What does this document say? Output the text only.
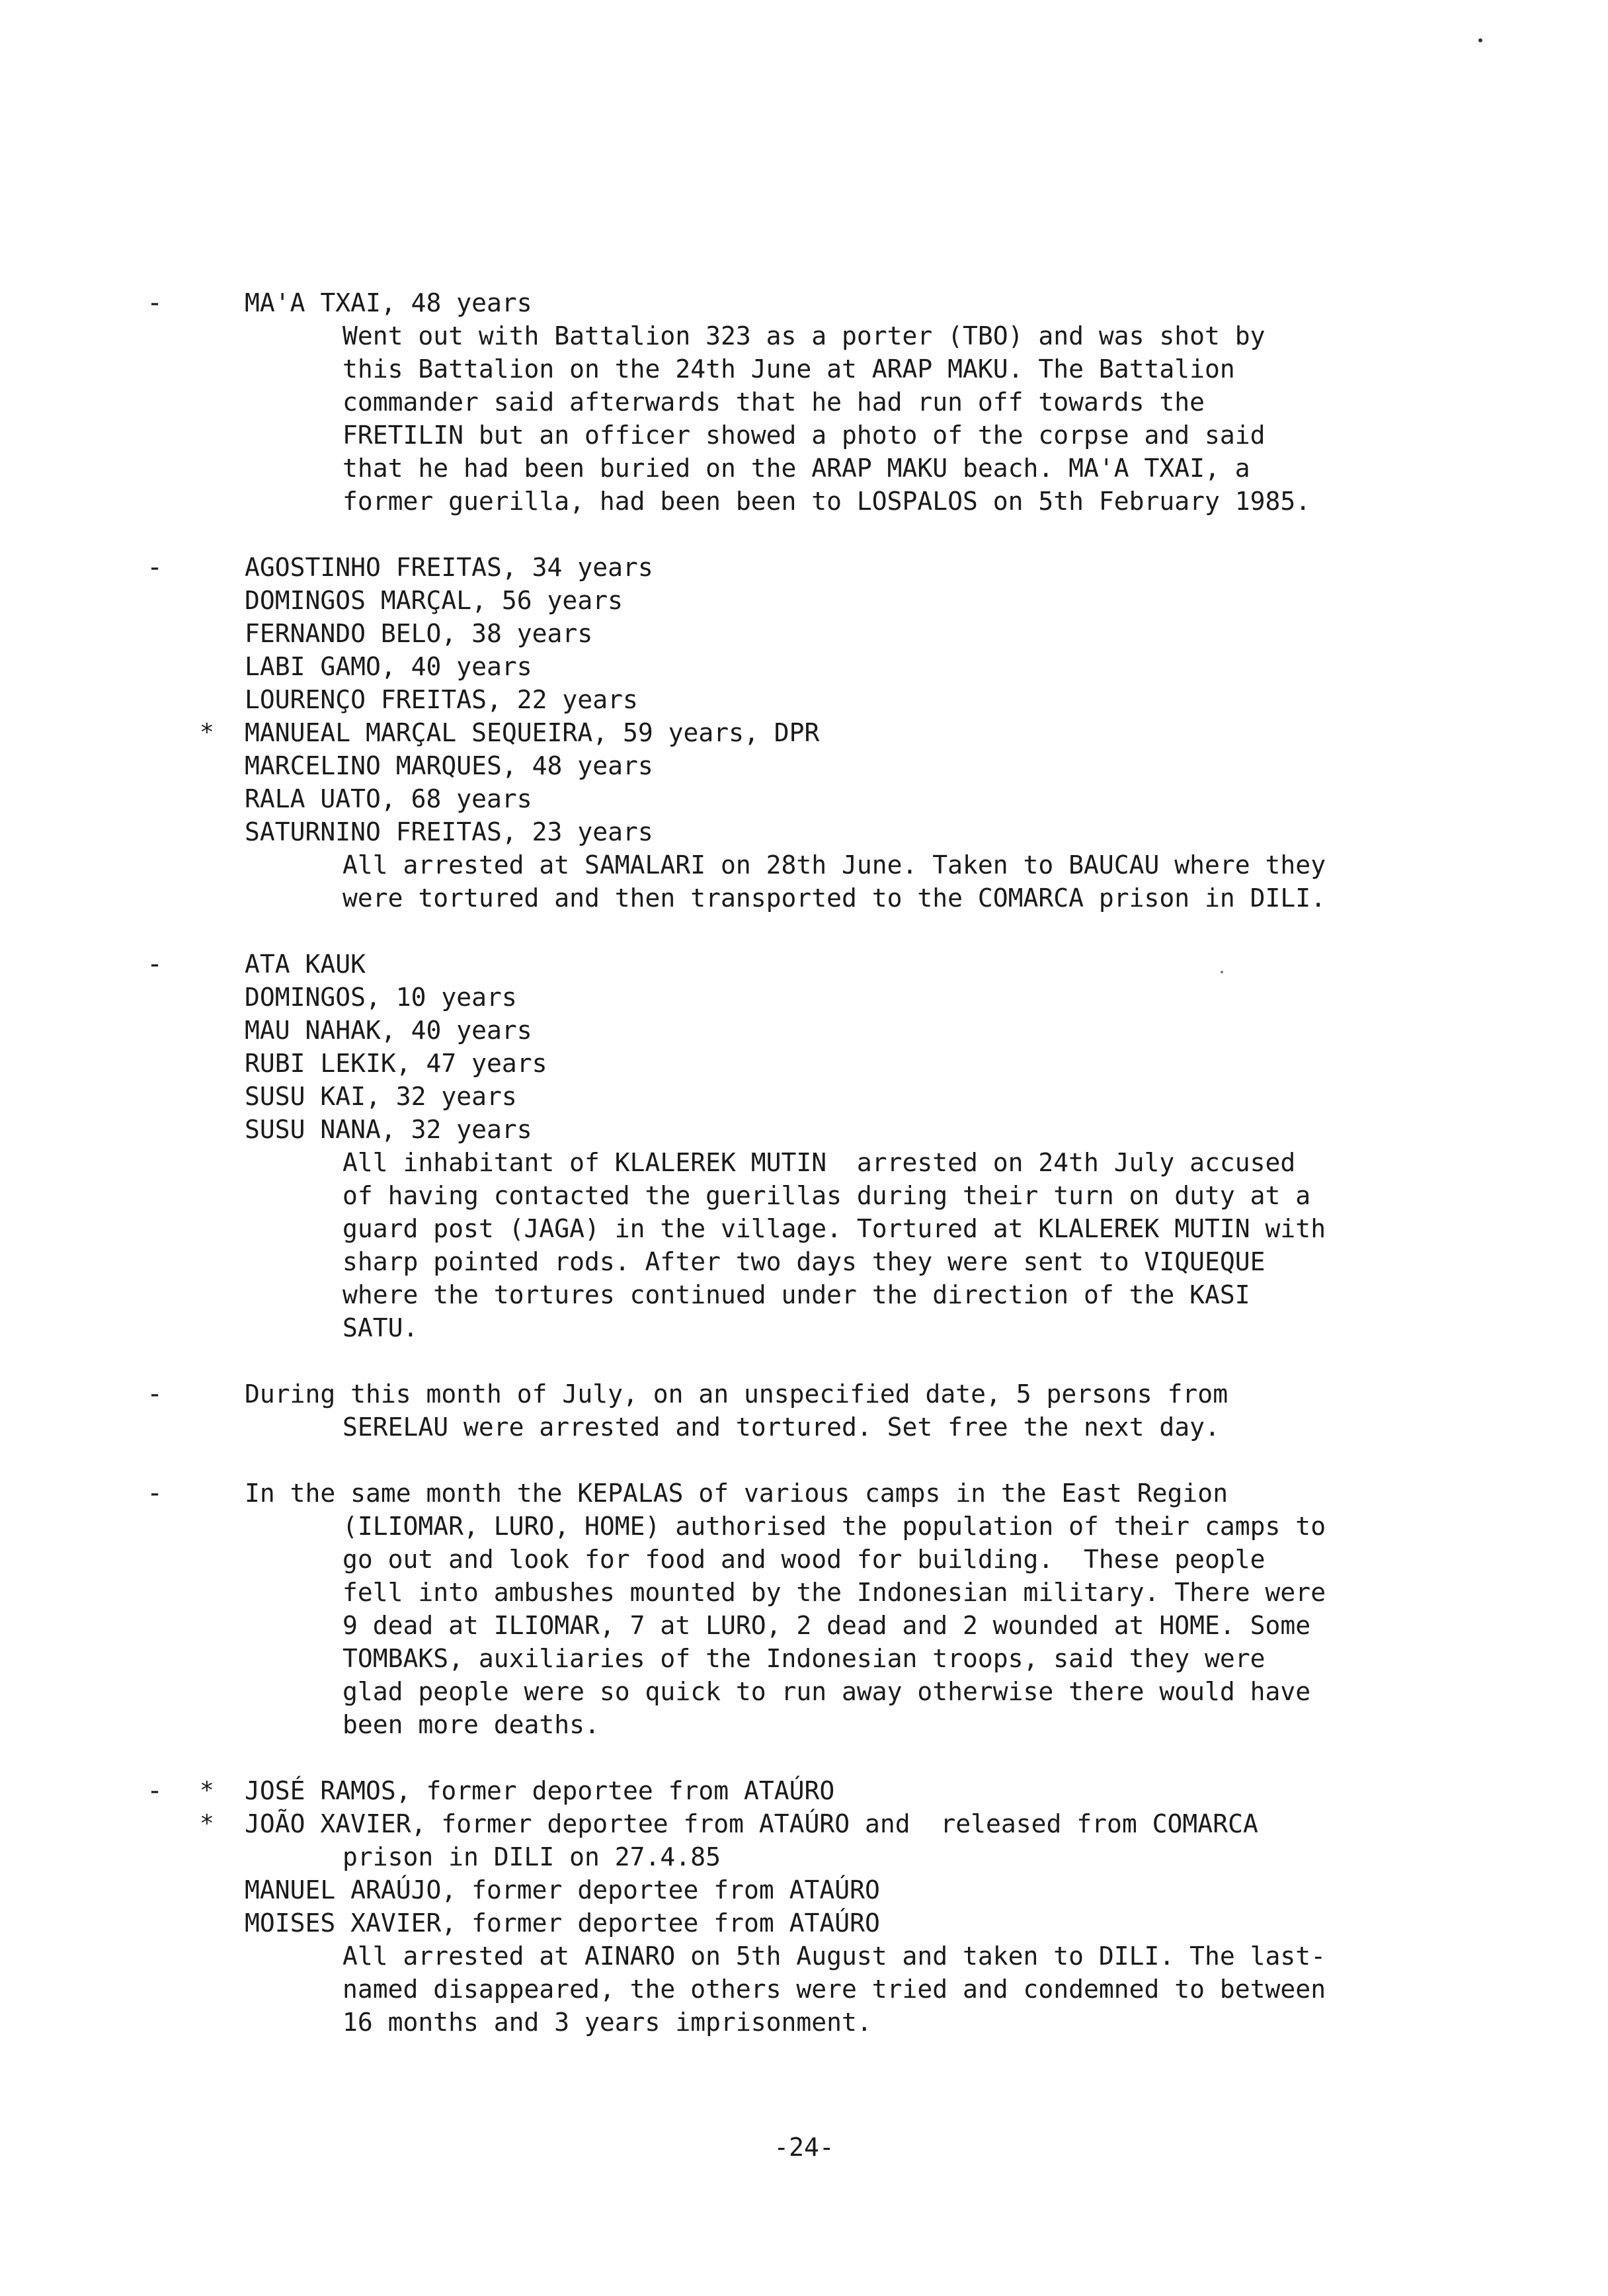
-	MA'A TXAI, 48 years
Went out with Battalion 323 as a porter (TBO) and was shot by
this Battalion on the 24th June at ARAP MAKU. The Battalion
commander said afterwards that he had run off towards the
FRETILIN but an officer showed a photo of the corpse and said
that he had been buried on the ARAP MAKU beach. MA'A TXAI, a
former guerilla, had been been to LOSPALOS on 5th February 1985.
-	AGOSTINHO FREITAS, 34 years
DOMINGOS MARÇAL, 56 years
FERNANDO BELO, 38 years
LABI GAMO, 40 years
LOURENÇO FREITAS, 22 years
* MANUEAL MARÇAL SEQUEIRA, 59 years, DPR
MARCELINO MARQUES, 48 years
RALA UATO, 68 years
SATURNINO FREITAS, 23 years
All arrested at SAMALARI on 28th June. Taken to BAUCAU where they
were tortured and then transported to the COMARCA prison in DILI.
-	ATA KAUK
DOMINGOS, 10 years
MAU NAHAK, 40 years
RUBI LEKIK, 47 years
SUSU KAI, 32 years
SUSU NANA, 32 years
All inhabitant of KLALEREK MUTIN  arrested on 24th July accused
of having contacted the guerillas during their turn on duty at a
guard post (JAGA) in the village. Tortured at KLALEREK MUTIN with
sharp pointed rods. After two days they were sent to VIQUEQUE
where the tortures continued under the direction of the KASI
SATU.
-	During this month of July, on an unspecified date, 5 persons from
SERELAU were arrested and tortured. Set free the next day.
-	In the same month the KEPALAS of various camps in the East Region
(ILIOMAR, LURO, HOME) authorised the population of their camps to
go out and look for food and wood for building.  These people
fell into ambushes mounted by the Indonesian military. There were
9 dead at ILIOMAR, 7 at LURO, 2 dead and 2 wounded at HOME. Some
TOMBAKS, auxiliaries of the Indonesian troops, said they were
glad people were so quick to run away otherwise there would have
been more deaths.
- * JOSÉ RAMOS, former deportee from ATAÚRO
* JOÃO XAVIER, former deportee from ATAÚRO and  released from COMARCA
prison in DILI on 27.4.85
MANUEL ARAÚJO, former deportee from ATAÚRO
MOISES XAVIER, former deportee from ATAÚRO
All arrested at AINARO on 5th August and taken to DILI. The last-
named disappeared, the others were tried and condemned to between
16 months and 3 years imprisonment.
-24-
